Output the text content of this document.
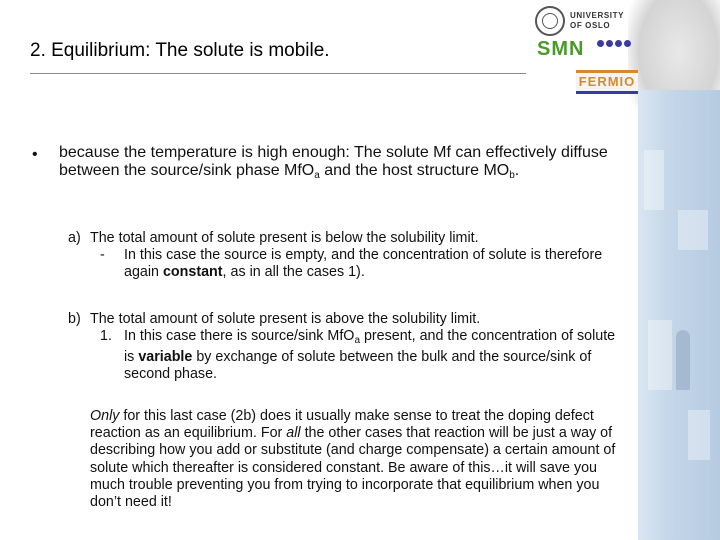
UNIVERSITY
OF OSLO
SMN
FERMIO
2. Equilibrium: The solute is mobile.
• because the temperature is high enough: The solute Mf can effectively diffuse between the source/sink phase MfO$_a$ and the host structure $MO_b$.
a) The total amount of solute present is below the solubility limit.
-	In this case the source is empty, and the concentration of solute is therefore again constant, as in all the cases 1).
b) The total amount of solute present is above the solubility limit.
1. In this case there is source/sink MfO$_a$ present, and the concentration of solute is variable by exchange of solute between the bulk and the source/sink of second phase.
Only for this last case (2b) does it usually make sense to treat the doping defect reaction as an equilibrium. For all the other cases that reaction will be just a way of describing how you add or substitute (and charge compensate) a certain amount of solute which thereafter is considered constant. Be aware of this…it will save you much trouble preventing you from trying to incorporate that equilibrium when you don’t need it!
